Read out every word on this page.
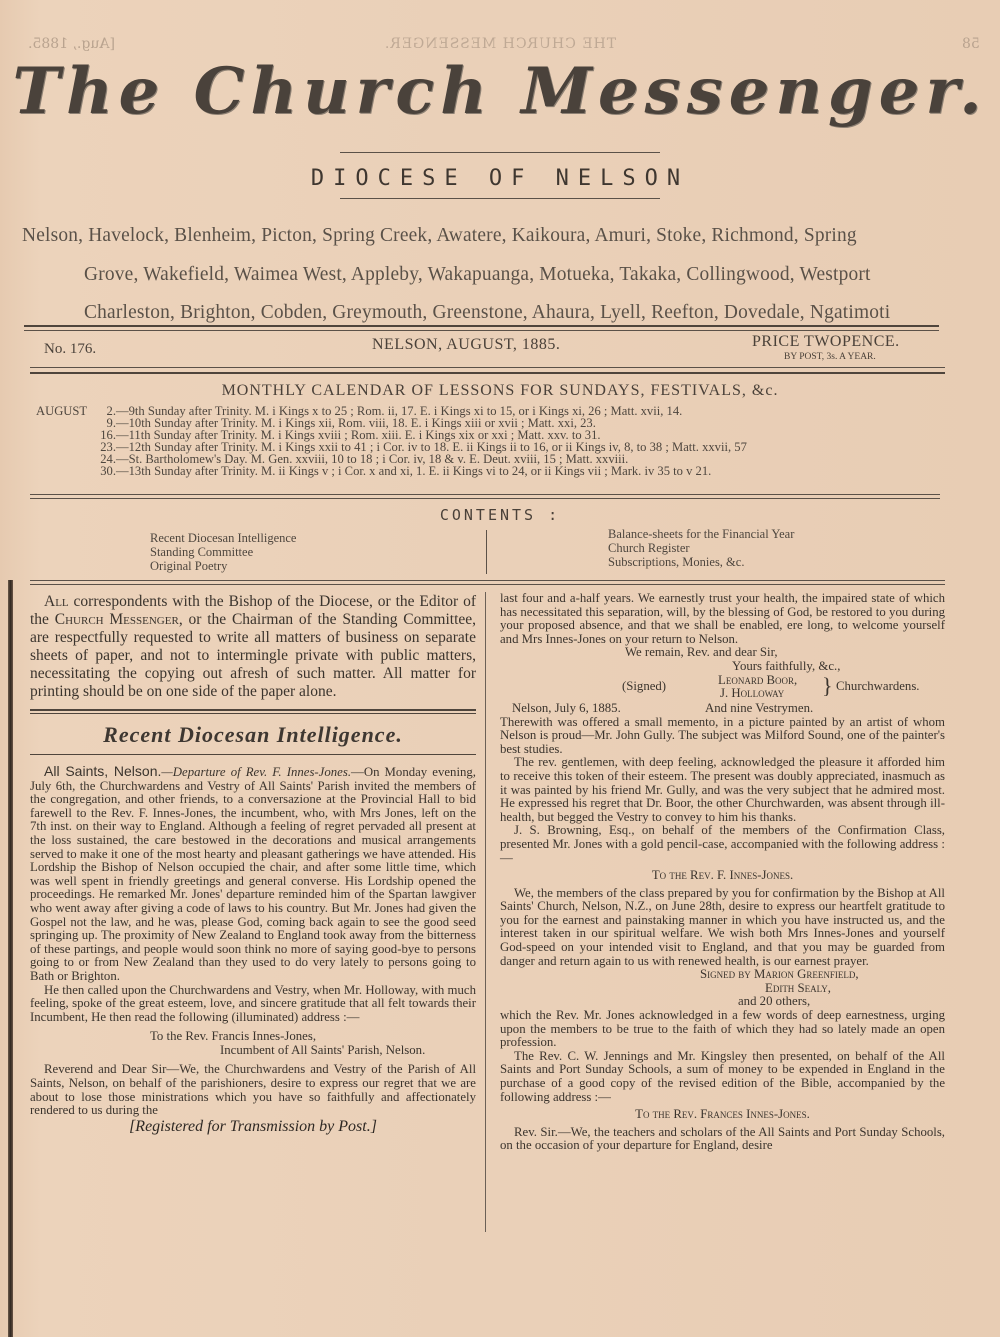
[Aug., 1885.	THE CHURCH MESSENGER.	58
The Church Messenger.
DIOCESE OF NELSON
Nelson, Havelock, Blenheim, Picton, Spring Creek, Awatere, Kaikoura, Amuri, Stoke, Richmond, Spring
Grove, Wakefield, Waimea West, Appleby, Wakapuanga, Motueka, Takaka, Collingwood, Westport
Charleston, Brighton, Cobden, Greymouth, Greenstone, Ahaura, Lyell, Reefton, Dovedale, Ngatimoti
No. 176.	NELSON, AUGUST, 1885.	PRICE TWOPENCE.
BY POST, 3s. A YEAR.
MONTHLY CALENDAR OF LESSONS FOR SUNDAYS, FESTIVALS, &c.
AUGUST 2.—9th Sunday after Trinity. M. i Kings x to 25 ; Rom. ii, 17. E. i Kings xi to 15, or i Kings xi, 26 ; Matt. xvii, 14.
9.—10th Sunday after Trinity. M. i Kings xii, Rom. viii, 18. E. i Kings xiii or xvii ; Matt. xxi, 23.
16.—11th Sunday after Trinity. M. i Kings xviii ; Rom. xiii. E. i Kings xix or xxi ; Matt. xxv. to 31.
23.—12th Sunday after Trinity. M. i Kings xxii to 41 ; i Cor. iv to 18. E. ii Kings ii to 16, or ii Kings iv, 8, to 38 ; Matt. xxvii, 57
24.—St. Bartholomew's Day. M. Gen. xxviii, 10 to 18 ; i Cor. iv, 18 & v. E. Deut. xviii, 15 ; Matt. xxviii.
30.—13th Sunday after Trinity. M. ii Kings v ; i Cor. x and xi, 1. E. ii Kings vi to 24, or ii Kings vii ; Mark. iv 35 to v 21.
CONTENTS :
Recent Diocesan Intelligence
Standing Committee
Original Poetry
Balance-sheets for the Financial Year
Church Register
Subscriptions, Monies, &c.

All correspondents with the Bishop of the Diocese, or the Editor of the Church Messenger, or the Chairman of the Standing Committee, are respectfully requested to write all matters of business on separate sheets of paper, and not to intermingle private with public matters, necessitating the copying out afresh of such matter. All matter for printing should be on one side of the paper alone.

Recent Diocesan Intelligence.

All Saints, Nelson.—Departure of Rev. F. Innes-Jones.—On Monday evening, July 6th, the Churchwardens and Vestry of All Saints' Parish invited the members of the congregation, and other friends, to a conversazione at the Provincial Hall to bid farewell to the Rev. F. Innes-Jones, the incumbent, who, with Mrs Jones, left on the 7th inst. on their way to England. Although a feeling of regret pervaded all present at the loss sustained, the care bestowed in the decorations and musical arrangements served to make it one of the most hearty and pleasant gatherings we have attended. His Lordship the Bishop of Nelson occupied the chair, and after some little time, which was well spent in friendly greetings and general converse. His Lordship opened the proceedings. He remarked Mr. Jones' departure reminded him of the Spartan lawgiver who went away after giving a code of laws to his country. But Mr. Jones had given the Gospel not the law, and he was, please God, coming back again to see the good seed springing up. The proximity of New Zealand to England took away from the bitterness of these partings, and people would soon think no more of saying good-bye to persons going to or from New Zealand than they used to do very lately to persons going to Bath or Brighton.

He then called upon the Churchwardens and Vestry, when Mr. Holloway, with much feeling, spoke of the great esteem, love, and sincere gratitude that all felt towards their Incumbent, He then read the following (illuminated) address :—

To the Rev. Francis Innes-Jones,

Incumbent of All Saints' Parish, Nelson.

Reverend and Dear Sir—We, the Churchwardens and Vestry of the Parish of All Saints, Nelson, on behalf of the parishioners, desire to express our regret that we are about to lose those ministrations which you have so faithfully and affectionately rendered to us during the

[Registered for Transmission by Post.]

last four and a-half years. We earnestly trust your health, the impaired state of which has necessitated this separation, will, by the blessing of God, be restored to you during your proposed absence, and that we shall be enabled, ere long, to welcome yourself and Mrs Innes-Jones on your return to Nelson.

We remain, Rev. and dear Sir,

Yours faithfully, &c.,

(Signed)	Leonard Boor,
J. Holloway } Churchwardens.
Nelson, July 6, 1885.	And nine Vestrymen.

Therewith was offered a small memento, in a picture painted by an artist of whom Nelson is proud—Mr. John Gully. The subject was Milford Sound, one of the painter's best studies.

The rev. gentlemen, with deep feeling, acknowledged the pleasure it afforded him to receive this token of their esteem. The present was doubly appreciated, inasmuch as it was painted by his friend Mr. Gully, and was the very subject that he admired most. He expressed his regret that Dr. Boor, the other Churchwarden, was absent through ill-health, but begged the Vestry to convey to him his thanks.

J. S. Browning, Esq., on behalf of the members of the Confirmation Class, presented Mr. Jones with a gold pencil-case, accompanied with the following address :—

To the Rev. F. Innes-Jones.

We, the members of the class prepared by you for confirmation by the Bishop at All Saints' Church, Nelson, N.Z., on June 28th, desire to express our heartfelt gratitude to you for the earnest and painstaking manner in which you have instructed us, and the interest taken in our spiritual welfare. We wish both Mrs Innes-Jones and yourself God-speed on your intended visit to England, and that you may be guarded from danger and return again to us with renewed health, is our earnest prayer.

Signed by Marion Greenfield,

Edith Sealy,

and 20 others,

which the Rev. Mr. Jones acknowledged in a few words of deep earnestness, urging upon the members to be true to the faith of which they had so lately made an open profession.

The Rev. C. W. Jennings and Mr. Kingsley then presented, on behalf of the All Saints and Port Sunday Schools, a sum of money to be expended in England in the purchase of a good copy of the revised edition of the Bible, accompanied by the following address :—

To the Rev. Frances Innes-Jones.

Rev. Sir.—We, the teachers and scholars of the All Saints and Port Sunday Schools, on the occasion of your departure for England, desire
